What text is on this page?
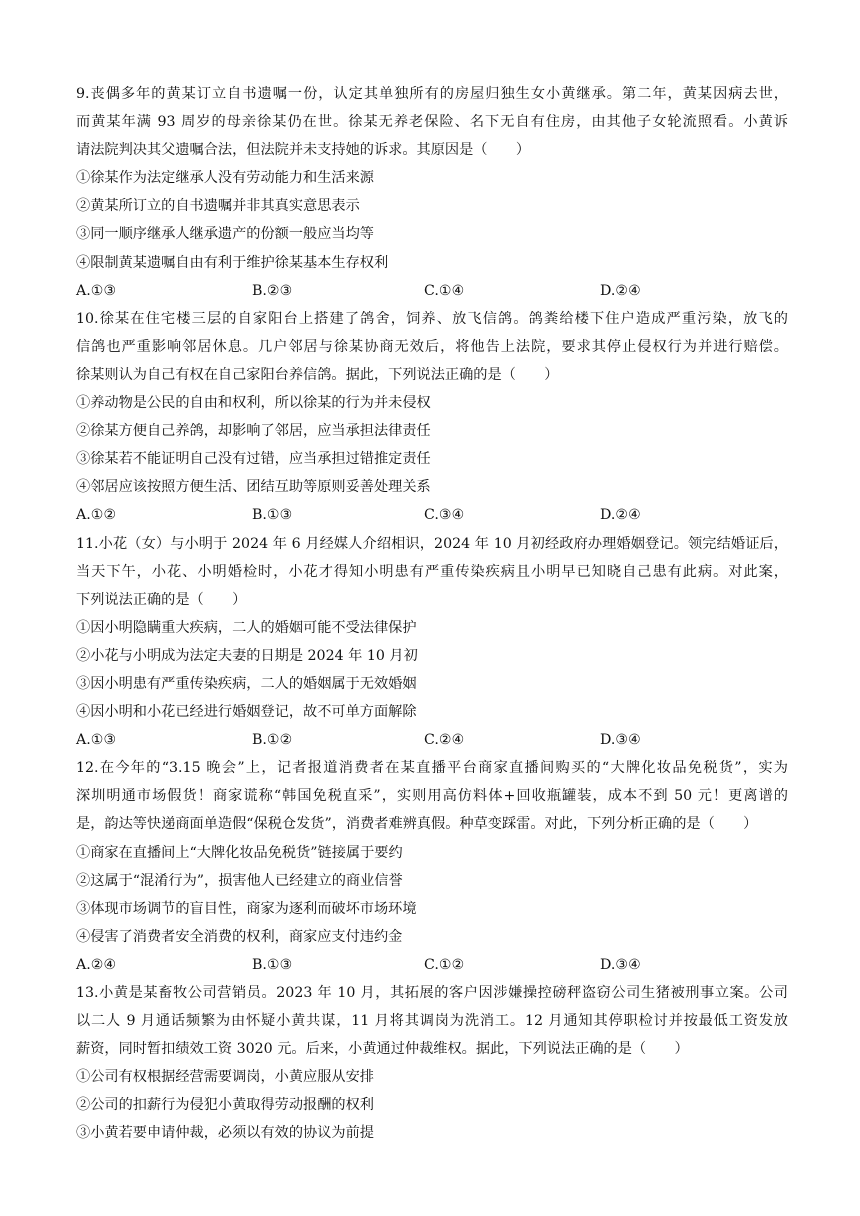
9.丧偶多年的黄某订立自书遗嘱一份，认定其单独所有的房屋归独生女小黄继承。第二年，黄某因病去世，
而黄某年满 93 周岁的母亲徐某仍在世。徐某无养老保险、名下无自有住房，由其他子女轮流照看。小黄诉
请法院判决其父遗嘱合法，但法院并未支持她的诉求。其原因是（　　）
①徐某作为法定继承人没有劳动能力和生活来源
②黄某所订立的自书遗嘱并非其真实意思表示
③同一顺序继承人继承遗产的份额一般应当均等
④限制黄某遗嘱自由有利于维护徐某基本生存权利
A.①③	B.②③	C.①④	D.②④
10.徐某在住宅楼三层的自家阳台上搭建了鸽舍，饲养、放飞信鸽。鸽粪给楼下住户造成严重污染，放飞的
信鸽也严重影响邻居休息。几户邻居与徐某协商无效后，将他告上法院，要求其停止侵权行为并进行赔偿。
徐某则认为自己有权在自己家阳台养信鸽。据此，下列说法正确的是（　　）
①养动物是公民的自由和权利，所以徐某的行为并未侵权
②徐某方便自己养鸽，却影响了邻居，应当承担法律责任
③徐某若不能证明自己没有过错，应当承担过错推定责任
④邻居应该按照方便生活、团结互助等原则妥善处理关系
A.①②	B.①③	C.③④	D.②④
11.小花（女）与小明于 2024 年 6 月经媒人介绍相识，2024 年 10 月初经政府办理婚姻登记。领完结婚证后，
当天下午，小花、小明婚检时，小花才得知小明患有严重传染疾病且小明早已知晓自己患有此病。对此案，
下列说法正确的是（　　）
①因小明隐瞒重大疾病，二人的婚姻可能不受法律保护
②小花与小明成为法定夫妻的日期是 2024 年 10 月初
③因小明患有严重传染疾病，二人的婚姻属于无效婚姻
④因小明和小花已经进行婚姻登记，故不可单方面解除
A.①③	B.①②	C.②④	D.③④
12.在今年的“3.15 晚会”上，记者报道消费者在某直播平台商家直播间购买的“大牌化妆品免税货”，实为
深圳明通市场假货！商家谎称“韩国免税直采”，实则用高仿料体+回收瓶罐装，成本不到 50 元！更离谱的
是，韵达等快递商面单造假“保税仓发货”，消费者难辨真假。种草变踩雷。对此，下列分析正确的是（　　）
①商家在直播间上“大牌化妆品免税货”链接属于要约
②这属于“混淆行为”，损害他人已经建立的商业信誉
③体现市场调节的盲目性，商家为逐利而破坏市场环境
④侵害了消费者安全消费的权利，商家应支付违约金
A.②④	B.①③	C.①②	D.③④
13.小黄是某畜牧公司营销员。2023 年 10 月，其拓展的客户因涉嫌操控磅秤盗窃公司生猪被刑事立案。公司
以二人 9 月通话频繁为由怀疑小黄共谋，11 月将其调岗为洗消工。12 月通知其停职检讨并按最低工资发放
薪资，同时暂扣绩效工资 3020 元。后来，小黄通过仲裁维权。据此，下列说法正确的是（　　）
①公司有权根据经营需要调岗，小黄应服从安排
②公司的扣薪行为侵犯小黄取得劳动报酬的权利
③小黄若要申请仲裁，必须以有效的协议为前提
